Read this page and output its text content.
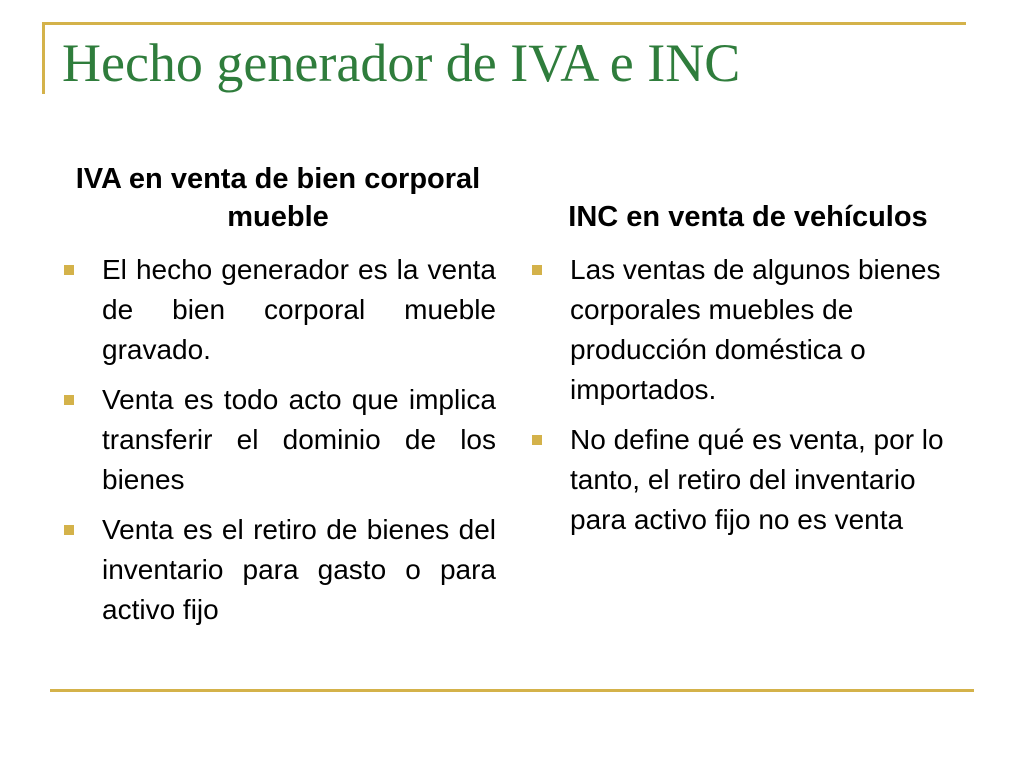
Hecho generador de IVA e INC
IVA en venta de bien corporal mueble
El hecho generador es la venta de bien corporal mueble gravado.
Venta es todo acto que implica transferir el dominio de los bienes
Venta es el retiro de bienes del inventario para gasto o para activo fijo
INC en venta de vehículos
Las ventas de algunos bienes corporales muebles de producción doméstica o importados.
No define qué es venta, por lo tanto, el retiro del inventario para activo fijo no es venta
